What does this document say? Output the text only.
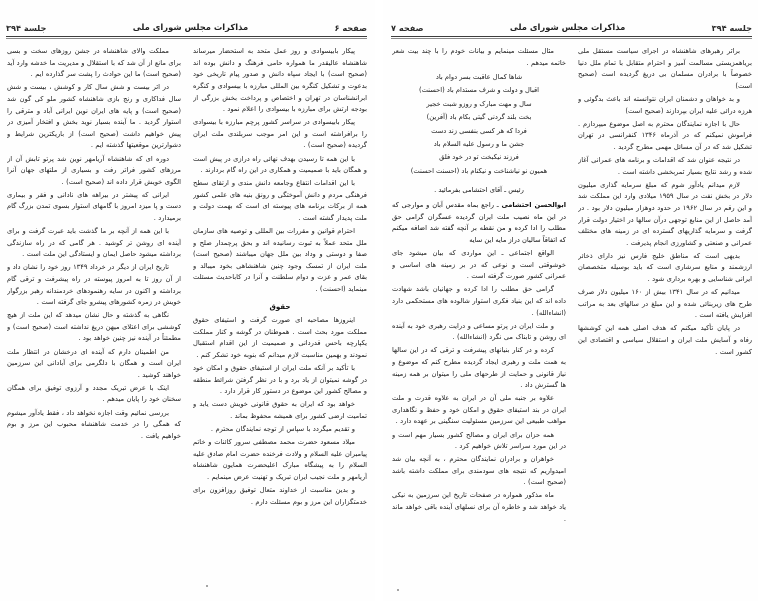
جلسه ۳۹۴
مذاکرات مجلس شورای ملی
صفحه ۷

براثر رهبرهای شاهنشاه در اجرای سیاست مستقل ملی بریاهمزیستی مسالمت آمیز و احترام متقابل با تمام ملل دنیا خصوصاً با برادران مسلمان بی دریغ گردیده است (صحیح است)

و بد خواهان و دشمنان ایران نتوانسته اند باعث بدگوئی و هرزه درائی علیه ایران بپردازند (صحیح است)

حال با اجازه نمایندگان محترم به اصل موضوع میپردازم . فراموش نمیکنم که در آذرماه ۱۳۴۶ کنفرانسی در تهران تشکیل شد که در آن مسائل مهمی مطرح گردید .

در نتیجه عنوان شد که اقدامات و برنامه های عمرانی آغاز شده و رشد نتایج بسیار ثمربخشی داشته است .

لازم میدانم یادآور شوم که مبلغ سرمایه گذاری میلیون دلار در بخش نفت در سال ۱۹۵۹ میلادی وارد این مملکت شد و این رقم در سال ۱۹۶۲ در حدود دوهزار میلیون دلار بود . در آمد حاصل از این منابع توجهی درآن سالها در اختیار دولت قرار گرفت و سرمایه گذاریهای گسترده ای در زمینه های مختلف عمرانی و صنعتی و کشاورزی انجام پذیرفت .

بدیهی است که مناطق خلیج فارس نیز دارای ذخائر ارزشمند و منابع سرشاری است که باید بوسیله متخصصان ایرانی شناسایی و بهره برداری شود .

میدانیم که در سال ۱۳۴۱ بیش از ۱۶۰ میلیون دلار صرف طرح های زیربنائی شده و این مبلغ در سالهای بعد به مراتب افزایش یافته است .

در پایان تأکید میکنم که هدف اصلی همه این کوششها رفاه و آسایش ملت ایران و استقلال سیاسی و اقتصادی این کشور است .

مثال مسئلت مینمایم و بیانات خودم را با چند بیت شعر خاتمه میدهم .

شاها کمال عاقبت بسر دوام باد

اقبال و دولت و شرف مستدام باد (احسنت)

سال و مهت مبارک و روزو شبت خجیر

بخت بلند گردنی گیتی بکام باد (آفرین)

فردا که هر کسی بنفسی زند دست

جشن ما و رسول علیه السلام باد

فرزند نیکبخت تو در خود فلق

همیون نو نیاشناخت و نیکنام باد (احسنت احسنت)

رئیس ـ آقای احتشامی بفرمائید .

ابوالحسن احتشامی ـ راجع بماه مقدس آبان و موارجی که در این ماه نصیب ملت ایران گردیده عسگران گرامی حق مطلب را ادا کرده و من نقطه بر آنچه گفته شد اضافه میکنم که اتفاقاً سالیان دراز مایه این سایه

الواقع اجتماعی ـ این مواردی که بیان میشود جای خوشوقتی است و نوعی که در بر زمینه های اساسی و عمرانی کشور صورت گرفته است .

گرامی حق مطلب را ادا کرده و جهانیان باشد شهادت داده اند که این بنیاد فکری استوار شالوده های مستحکمی دارد (انشاءالله) .

و ملت ایران در پرتو مساعی و درایت رهبری خود به آینده ای روشن و تابناک می نگرد (انشاءالله) .

کرده و در کنار بنیانهای پیشرفت و ترقی که در این سالها به همت ملت و رهبری ایجاد گردیده مطرح کنم که موضوع و نیاز قانونی و حمایت از طرحهای ملی را میتوان بر همه زمینه ها گسترش داد .

علاوه بر جنبه ملی آن در ایران به علاوه قدرت و ملت ایران در بند استیفای حقوق و امکان خود و حفظ و نگاهداری مواهب طبیعی این سرزمین مسئولیت سنگینی بر عهده دارد .

همه حزان برای ایران و مصالح کشور بسیار مهم است و در این مورد سراسر تلاش خواهیم کرد .

خواهران و برادران نمایندگان محترم ، به آنچه بیان شد امیدواریم که نتیجه های سودمندی برای مملکت داشته باشد (صحیح است) .

ماه مذکور همواره در صفحات تاریخ این سرزمین به نیکی یاد خواهد شد و خاطره آن برای نسلهای آینده باقی خواهد ماند .

صفحه ۶
مذاکرات مجلس شورای ملی
جلسة ۳۹۴

پیکار بابیسوادی و روز عمل متحد به استحضار میرساند شاهنشاه عالیقدر ما همواره حامی فرهنگ و دانش بوده اند (صحیح است) با ایجاد سپاه دانش و صدور پیام تاریخی خود بدعوت و تشکیل کنگره بین المللی مبارزه با بیسوادی و کنگره ابرانشناسان در تهران و اختصاص و پرداخت بخش بزرگی از بودجه ارتش برای مبارزه با بیسوادی را اعلام نمود .

پیکار بابیسوادی در سراسر کشور پرچم مبارزه با بیسوادی را برافراشته است و این امر موجب سربلندی ملت ایران گردیده (صحیح است) .

با این همه تا رسیدن بهدف نهائی راه درازی در پیش است و همگان باید با صمیمیت و همکاری در این راه گام بردارند .

با این اقدامات انتفاع وجامعه دانش مندی و ارتقای سطح فرهنگی مردم و دانش آموختگی و رونق بنیه های علمی کشور همه از برکات برنامه های پیوسته ای است که بهمت دولت و ملت پدیدار گشته است .

احترام قوانین و مقررات بین المللی و توصیه های سازمان ملل متحد عملاً به ثبوت رسانیده اند و بحق پرچمدار صلح و صفا و دوستی و وداد بین ملل جهان میباشند (صحیح است) ملت ایران از تمسک وجود چنین شاهنشاهی بخود میبالد و بقای عمر و عزت و دوام سلطنت و آنرا در کاباحدیث مسئلت مینماید (احسنت) .

حقوق

اینروزها مصاحبه ای صورت گرفت و استیفای حقوق مملکت مورد بحث است . هموطنان در گوشه و کنار مملکت یکپارچه باحس قدردانی و صمیمیت از این اقدام استقبال نمودند و بهمین مناسبت لازم میدانم که بنوبه خود تشکر کنم .

با تأکید بر آنکه ملت ایران از استیفای حقوق و امکان خود در گوشه نمیتوان از یاد برد و با در نظر گرفتن شرائط منطقه و مصالح کشور این موضوع در دستور کار قرار دارد .

خواهد بود که ایران به حقوق قانونی خویش دست یابد و تمامیت ارضی کشور برای همیشه محفوظ بماند .

و تقدیم میگردد با سپاس از توجه نمایندگان محترم .

میلاد مسعود حضرت محمد مصطفی سرور کائنات و خاتم پیامبران علیه السلام و ولادت فرخنده حضرت امام صادق علیه السلام را به پیشگاه مبارک اعلیحضرت همایون شاهنشاه آریامهر و ملت نجیب ایران تبریک و تهنیت عرض مینمایم .

و بدین مناسبت از خداوند متعال توفیق روزافزون برای خدمتگزاران این مرز و بوم مسئلت دارم .

مملکت والای شاهنشاه در جشن روزهای سخت و بسی برای مانع از آن شد که با استقلال و مدیریت ما خدشه وارد آید (صحیح است) ما این حوادث را پشت سر گذارده ایم .

در اثر بیست و شش سال کار و کوشش ، بیست و شش سال فداکاری و رنج بازی شاهنشاه کشور ملو کی گون شد (صحیح است) و پایه های ایران نوین ایرانی آباد و مترقی را استوار گردید . ما آینده بسیار نوید بخش و افتخار آمیزی در پیش خواهیم داشت (صحیح است) از باریکترین شرایط و دشوارترین موقعیتها گذشته ایم .

دوره ای که شاهنشاه آریامهر نوین شد پرتو تابش آن از مرزهای کشور فراتر رفت و بسیاری از ملتهای جهان آنرا الگوی خویش قرار داده اند (صحیح است) .

ایرانی که پیشتر در بیراهه های نادانی و فقر و بیماری دست و پا میزد امروز با گامهای استوار بسوی تمدن بزرگ گام برمیدارد .

با این همه از آنچه بر ما گذشت باید عبرت گرفت و برای آینده ای روشن تر کوشید . هر گامی که در راه سازندگی برداشته میشود حاصل ایمان و ایستادگی این ملت است .

تاریخ ایران از دیگر در خرداد ۱۳۴۹ روز خود را نشان داد و از آن روز تا به امروز پیوسته در راه پیشرفت و ترقی گام برداشته و اکنون در سایه رهنمودهای خردمندانه رهبر بزرگوار خویش در زمره کشورهای پیشرو جای گرفته است .

نگاهی به گذشته و حال نشان میدهد که این ملت از هیچ کوششی برای اعتلای میهن دریغ نداشته است (صحیح است) و مطمئناً در آینده نیز چنین خواهد بود .

من اطمینان دارم که آینده ای درخشان در انتظار ملت ایران است و همگان با دلگرمی برای آبادانی این سرزمین خواهند کوشید .

اینک با عرض تبریک مجدد و آرزوی توفیق برای همگان سخنان خود را پایان میدهم .

بررسی نمائیم وقت اجازه نخواهد داد ، فقط یادآور میشوم که همگی را در خدمت شاهنشاه محبوب این مرز و بوم خواهیم یافت .
